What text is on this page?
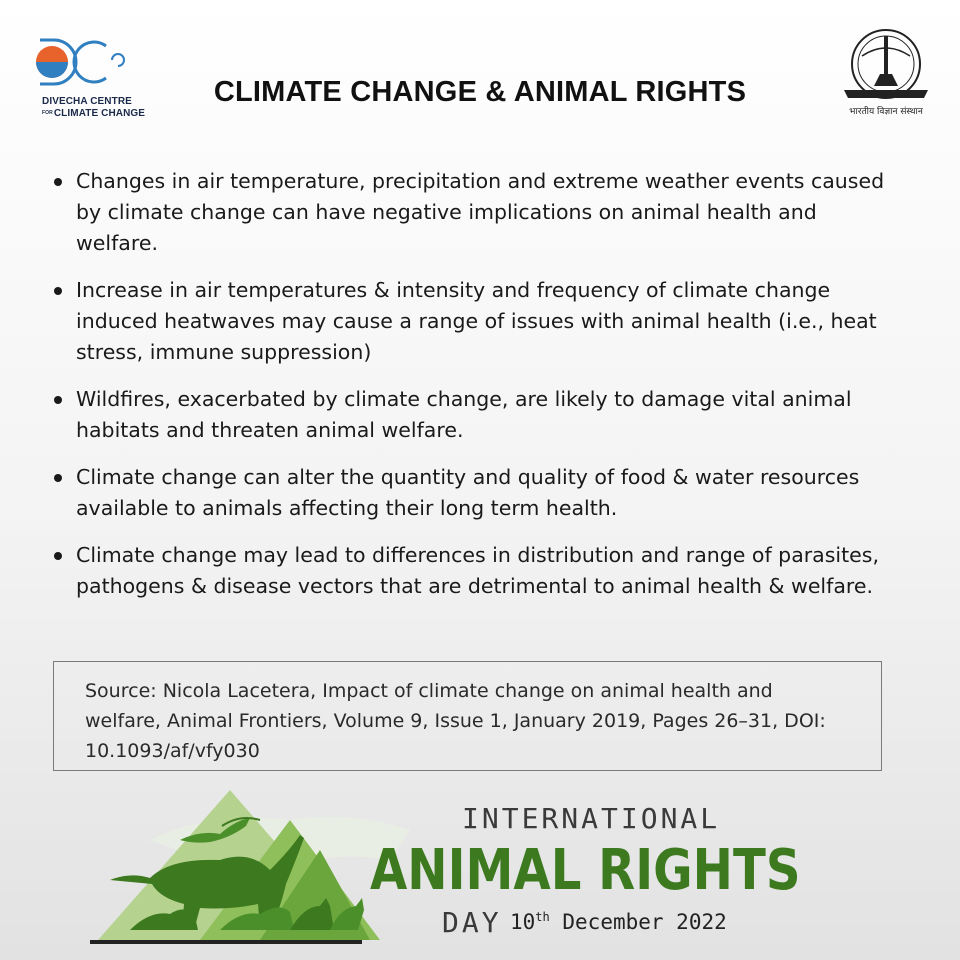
DIVECHA CENTRE
FORCLIMATE CHANGE	भारतीय विज्ञान संस्थान
CLIMATE CHANGE & ANIMAL RIGHTS
Changes in air temperature, precipitation and extreme weather events caused by climate change can have negative implications on animal health and welfare.
Increase in air temperatures & intensity and frequency of climate change induced heatwaves may cause a range of issues with animal health (i.e., heat stress, immune suppression)
Wildfires, exacerbated by climate change, are likely to damage vital animal habitats and threaten animal welfare.
Climate change can alter the quantity and quality of food & water resources available to animals affecting their long term health.
Climate change may lead to differences in distribution and range of parasites, pathogens & disease vectors that are detrimental to animal health & welfare.
Source: Nicola Lacetera, Impact of climate change on animal health and welfare, Animal Frontiers, Volume 9, Issue 1, January 2019, Pages 26–31, DOI: 10.1093/af/vfy030
INTERNATIONAL
ANIMAL RIGHTS
DAY 10th December 2022
